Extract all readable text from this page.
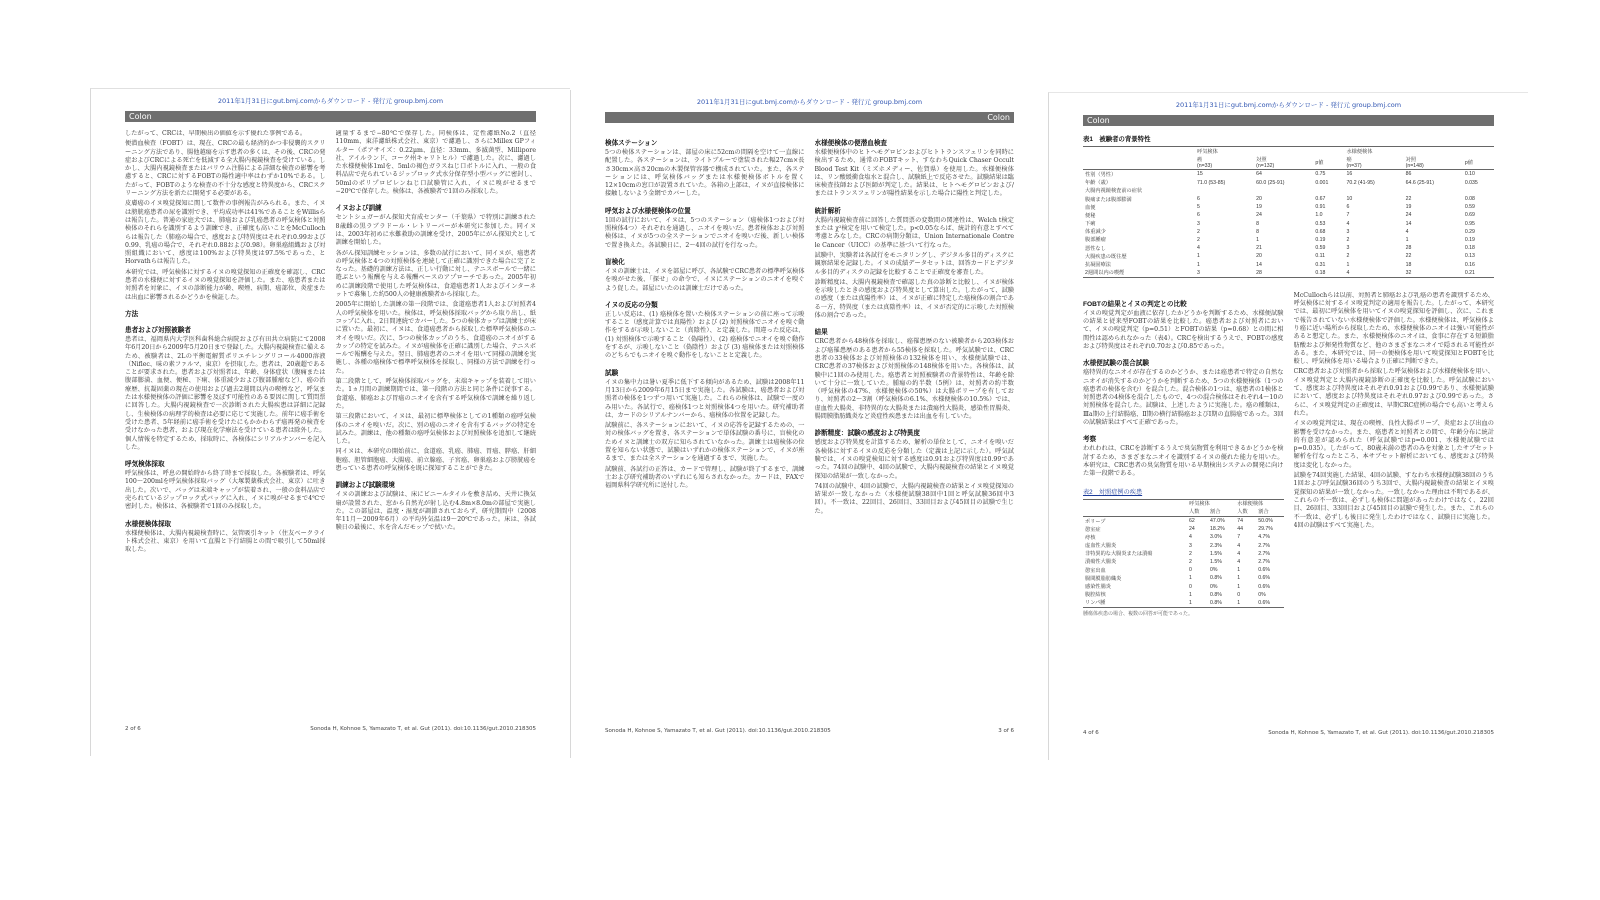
2011年1月31日にgut.bmj.comからダウンロード - 発行元 group.bmj.com
Colon
したがって、CRCは、早期検出の価値を示す優れた事例である。
便潜血検査（FOBT）は、現在、CRCの最も経済的かつ非侵襲的スクリーニング方法であり、腸他越瘍を示す患者の多くは、その後、CRCの発症およびCRCによる死亡を低減する全大腸内視鏡検査を受けている。しかし、大腸内視鏡検査またはバリウム注腸による詳細な検査の影響を考慮すると、CRCに対するFOBTの陽性適中率はわずか10%である。したがって、FOBTのような検査の不十分な感度と特異度から、CRCスクリーニング方法を新たに開発する必要がある。
皮膚癌のイヌ嗅覚探知に関して数件の事例報告がみられる。また、イヌは膀胱癌患者の尿を識別でき、平均成功率は41%であることをWillisらは報告した。普通の家庭犬では、肺癌および乳癌患者の呼気検体と対照検体のそれらを識別するよう訓練でき、正確度も高いことをMcCullochらは報告した（肺癌の場合で、感度および特異度はそれぞれ0.99および0.99、乳癌の場合で、それぞれ0.88および0.98）。卵巣癌組織および対照組織において、感度は100%および特異度は97.5%であった、とHorvathらは報告した。
本研究では、呼気検体に対するイヌの嗅覚探知の正確度を確認し、CRC患者の水様便に対するイヌの嗅覚探知を評価した。また、癌患者または対照者を対象に、イヌの診断能力が齢、喫煙、病期、癌部位、炎症または出血に影響されるかどうかを検証した。
方法
患者および対照被験者
患者は、福岡県内大学医科歯科総合病院および有田共立病院にて2008年6月20日から2009年5月20日まで登録した。大腸内視鏡検査に備えるため、被験者は、2Lの平衡電解質ポリエチレングリコール4000溶液（Niflec、味の素ファルマ、東京）を摂取した。患者は、20歳超であることが要求された。患者および対照者は、年齢、身体症状（腹痛または腹部膨満、血便、便秘、下痢、体重減少および腹部腫瘤など）、癌の治療歴、抗凝固薬の現在の使用および過去2週間以内の喫煙など、呼気または水様便検体の評価に影響を及ぼす可能性のある要因に関して質問票に回答した。大腸内視鏡検査で一次診断された大腸疾患は詳細に記録し、生検検体の病理学的検査は必要に応じて実施した。前年に癌手術を受けた患者、5年経前に癌手術を受けたにもかかわらず癌再発の検査を受けなかった患者、および現在化学療法を受けている患者は除外した。個人情報を特定するため、採取時に、各検体にシリアルナンバーを記入した。
呼気検体採取
呼気検体は、呼息の開始時から終了時まで採取した。各被験者は、呼気100〜200mlを呼気検体採取バッグ（大塚製薬株式会社、東京）に吐き出した。次いで、バッグは末端キャップが装着され、一般の食料品店で売られているジップロック式バッグに入れ、イヌに嗅がせるまで4℃で密封した。検体は、各被験者で1回のみ採取した。
水様便検体採取
水様便検体は、大腸内視鏡検査時に、気管吸引キット（住友ベークライト株式会社、東京）を用いて直腸と下行結腸との間で吸引して50ml採取した。
適量するまで−80℃で保存した。同検体は、定性濾紙No.2（直径110mm、東洋濾紙株式会社、東京）で濾過し、さらにMillex GPフィルター（ポアサイズ：0.22µm、直径：33mm、多滅菌型、Millipore社、アイルランド、コーク州キャリトヒル）で濾過した。次に、濾過した水様便検体1mlを、5mlの褐色ガラスねじ口ボトルに入れ、一般の食料品店で売られているジップロック式水分保存型小型バッグに密封し、50mlのポリプロピレンねじ口試験管に入れ、イヌに嗅がせるまで−20℃で保存した。検体は、各被験者で1回のみ採取した。
イヌおよび訓練
セントシュガーがん探知犬育成センター（千葉県）で特別に訓練された8歳雌の黒ラブラドール・レトリーバーが本研究に参加した。同イヌは、2003年初めに水難救助の訓練を受け、2005年にがん探知犬として訓練を開始した。
各がん探知訓練セッションは、多数の試行において、同イヌが、癌患者の呼気検体と4つの対照検体を連続して正確に識別できた場合に完了となった。基礎的訓練方法は、正しい行動に対し、テニスボールで一緒に遊ぶという報酬を与える報酬ベースのアプローチであった。2005年初めに訓練段階で使用した呼気検体は、食道癌患者1人およびインターネットで募集した約500人の健康被験者から採取した。
2005年に開始した訓練の第一段階では、食道癌患者1人および対照者4人の呼気検体を用いた。検体は、呼気検体採取バッグから取り出し、紙コップに入れ、2日間連続でカバーした。5つの検体カップは訓練士が床に置いた。最初に、イヌは、食道癌患者から採取した標準呼気検体のニオイを嗅いだ。次に、5つの検体カップのうち、食道癌のニオイがするカップの特定を試みた。イヌが癌検体を正確に識別した場合、テニスボールで報酬を与えた。翌日、肺癌患者のニオイを用いて同様の訓練を実施し、各種の癌検体で標準呼気検体を採取し、同様の方法で訓練を行った。
第二段階として、呼気検体採取バッグを、末端キャップを装着して用いた。1ヵ月間の訓練期間では、第一段階の方法と同じ条件に従事する。食道癌、肺癌および胃癌のニオイを含有する呼気検体で訓練を繰り返した。
第三段階において、イヌは、最初に標準検体としての1種類の癌呼気検体のニオイを嗅いだ。次に、別の癌のニオイを含有するバッグの特定を試みた。訓練は、他の種類の癌呼気検体および対照検体を追加して継続した。
同イヌは、本研究の開始前に、食道癌、乳癌、肺癌、胃癌、膵癌、肝細胞癌、胆管細胞癌、大腸癌、前立腺癌、子宮癌、卵巣癌および膀胱癌を患っている患者の呼気検体を既に探知することができた。
訓練および試験環境
イヌの訓練および試験は、床にビニールタイルを敷き詰め、天井に換気扇が設置された、窓から自然光が射し込む4.8m×8.0mの部屋で実施した。この部屋は、温度・湿度が調節されておらず、研究期間中（2008年11月〜2009年6月）の平均外気温は9〜20℃であった。床は、各試験日の最後に、水を含んだモップで拭いた。
2 of 6	Sonoda H, Kohnoe S, Yamazato T, et al. Gut (2011). doi:10.1136/gut.2010.218305
2011年1月31日にgut.bmj.comからダウンロード - 発行元 group.bmj.com
Colon
検体ステーション
5つの検体ステーションは、部屋の床に52cmの間隔を空けて一直線に配置した。各ステーションは、ライトブルーで塗装された幅27cm×長さ30cm×高さ20cmの木製保管容器で構成されていた。また、各ステーションには、呼気検体バッグまたは水様便検体ボトルを置く12×10cmの窓口が設置されていた。各箱の上部は、イヌが直接検体に接触しないよう金網でカバーした。
呼気および水様便検体の位置
1回の試行において、イヌは、5つのステーション（癌検体1つおよび対照検体4つ）それぞれを通過し、ニオイを嗅いだ。患者検体および対照検体は、イヌが5つの全ステーションでニオイを嗅いだ後、新しい検体で置き換えた。各試験日に、2〜4回の試行を行なった。
盲検化
イヌの訓練士は、イヌを部屋に呼び、各試験でCRC患者の標準呼気検体を嗅がせた後、「探せ」の命令で、イヌにステーションのニオイを嗅ぐよう促した。部屋にいたのは訓練士だけであった。
イヌの反応の分類
正しい反応は、(1) 癌検体を置いた検体ステーションの前に座って示唆すること（感度計算では真陽性）および (2) 対照検体でニオイを嗅ぐ動作をするが示唆しないこと（真陰性）、と定義した。間違った反応は、(1) 対照検体で示唆すること（偽陽性）、(2) 癌検体でニオイを嗅ぐ動作をするが、示唆しないこと（偽陰性）および (3) 癌検体または対照検体のどちらでもニオイを嗅ぐ動作をしないことと定義した。
試験
イヌの集中力は暑い夏季に低下する傾向があるため、試験は2008年11月13日から2009年6月15日まで実施した。各試験は、癌患者および対照者の検体を1つずつ用いて実施した。これらの検体は、試験で一度のみ用いた。各試行で、癌検体1つと対照検体4つを用いた。研究補助者は、カードのシリアルナンバーから、癌検体の位置を記録した。
試験前に、各ステーションにおいて、イヌの応答を記録するための、一対の検体バッグを置き、各ステーションで単体試験の番号に、盲検化のためイヌと訓練士の双方に知らされていなかった。訓練士は癌検体の位置を知らない状態で、試験はいずれかの検体ステーションで、イヌが座るまで、または全ステーションを通過するまで、実施した。
試験前、各試行の正答は、カードで管理し、試験が終了するまで、訓練士および研究補助者のいずれにも知らされなかった。カードは、FAXで福岡県科学研究所に送付した。
水様便検体の便潜血検査
水様便検体中のヒトヘモグロビンおよびヒトトランスフェリンを同時に検出するため、通常のFOBTキット、すなわちQuick Chaser Occult Blood Test Kit（ミズホメディー、佐賀県）を使用した。水様便検体は、リン酸緩衝食塩水と混合し、試験紙上で反応させた。試験結果は臨床検査技師および医師が判定した。結果は、ヒトヘモグロビンおよび/またはトランスフェリンが陽性結果を示した場合に陽性と判定した。
統計解析
大腸内視鏡検査前に回答した質問票の変数間の関連性は、Welch t検定または χ²検定を用いて検定した。p<0.05ならば、統計的有意とすべて考慮とみなした。CRCの病期分類は、Union Internationale Contre le Cancer（UICC）の基準に基づいて行なった。
試験中、実験者は各試行をモニタリングし、デジタル多目的ディスクに観察結果を記録した。イヌの成績データセットは、回答カードとデジタル多目的ディスクの記録を比較することで正確度を審査した。
診断精度は、大腸内視鏡検査で確認した真の診断と比較し、イヌが検体を示唆したときの感度および特異度として算出した。したがって、試験の感度（または真陽性率）は、イヌが正確に特定した癌検体の割合である一方、特異度（または真陰性率）は、イヌが否定的に示唆した対照検体の割合であった。
結果
CRC患者から48検体を採取し、癌罹患歴のない被験者から203検体および癌罹患歴のある患者から55検体を採取した。呼気試験では、CRC患者の33検体および対照検体の132検体を用い、水様便試験では、CRC患者の37検体および対照検体の148検体を用いた。各検体は、試験中に1回のみ使用した。癌患者と対照被験者の背景特性は、年齢を除いて十分に一致していた。腫瘍の約半数（5例）は、対照者の約半数（呼気検体の47%、水様便検体の50%）は大腸ポリープを有しており、対照者の2〜3割（呼気検体の6.1%、水様便検体の10.5%）では、虚血性大腸炎、非特異的な大腸炎または潰瘍性大腸炎、感染性胃腸炎、腸間膜脂肪織炎など炎症性疾患または出血を有していた。
診断精度：試験の感度および特異度
感度および特異度を計算するため、解析の単位として、ニオイを嗅いだ各検体に対するイヌの反応を分類した（定義は上記に示した）。呼気試験では、イヌの嗅覚検知に対する感度は0.91および特異度は0.99であった。74回の試験中、4回の試験で、大腸内視鏡検査の結果とイヌ嗅覚探知の結果が一致しなかった。
74回の試験中、4回の試験で、大腸内視鏡検査の結果とイヌ嗅覚探知の結果が一致しなかった（水様便試験38回中1回と呼気試験36回中3回）。不一致は、22回目、26回目、33回目および45回目の試験で生じた。
Sonoda H, Kohnoe S, Yamazato T, et al. Gut (2011). doi:10.1136/gut.2010.218305	3 of 6
2011年1月31日にgut.bmj.comからダウンロード - 発行元 group.bmj.com
Colon
表1　被験者の背景特性
	呼気検体			水様便検体		
	癌
(n=33)	対照
(n=132)	p値	癌
(n=37)	対照
(n=148)	p値
性別（男性）	15	64	0.75	16	86	0.10
年齢（歳）	71.0 (53-85)	60.0 (25-91)	0.001	70.2 (41-95)	64.6 (25-91)	0.035
大腸内視鏡検査前の症状						
腹痛または腹部膨満	6	20	0.67	10	22	0.08
血便	5	19	0.91	6	19	0.59
便秘	6	24	1.0	7	24	0.69
下痢	3	8	0.53	4	14	0.95
体重減少	2	8	0.68	3	4	0.29
腹部腫瘤	2	1	0.19	2	1	0.19
悪性なし	4	21	0.59	3	28	0.18
大腸疾患の既往歴	1	20	0.11	2	22	0.13
抗凝固療法	1	14	0.31	1	18	0.16
2週間以内の喫煙	3	28	0.18	4	32	0.21
FOBTの結果とイヌの判定との比較
イヌの嗅覚判定が血液に依存したかどうかを判断するため、水様便試験の結果と従来型FOBTの結果を比較した。癌患者および対照者において、イヌの嗅覚判定（p=0.51）とFOBTの結果（p=0.68）との間に相関性は認められなかった（表4）。CRCを検出するうえで、FOBTの感度および特異度はそれぞれ0.70および0.85であった。
水様便試験の混合試験
癌特異的なニオイが存在するのかどうか、または癌患者で特定の自然なニオイが消失するのかどうかを判断するため、5つの水様便検体（1つの癌患者の検体を含む）を混合した。混合検体の1つは、癌患者の1検体と対照患者の4検体を混合したもので、4つの混合検体はそれぞれ4〜10の対照検体を混合した。試験は、上述したように実施した。癌の種類は、Ⅲa期の上行結腸癌、Ⅱ期の横行結腸癌およびⅠ期の直腸癌であった。3回の試験結果はすべて正確であった。
考察
われわれは、CRCを診断するうえで臭気物質を利用できるかどうかを検討するため、さまざまなニオイを識別するイヌの優れた能力を用いた。本研究は、CRC患者の臭気物質を用いる早期検出システムの開発に向けた第一段階である。
表2　対照症例の疾患
	呼気検体		水様便検体	
	人数	割合	人数	割合
ポリープ	62	47.0%	74	50.0%
憩室症	24	18.2%	44	29.7%
痔核	4	3.0%	7	4.7%
虚血性大腸炎	3	2.3%	4	2.7%
非特異的な大腸炎または潰瘍	2	1.5%	4	2.7%
潰瘍性大腸炎	2	1.5%	4	2.7%
憩室出血	0	0%	1	0.6%
腸間膜脂肪織炎	1	0.8%	1	0.6%
感染性腸炎	0	0%	1	0.6%
腹腔結核	1	0.8%	0	0%
リンパ腫	1	0.8%	1	0.6%
腫瘍体疾患の場合、複数の回答が可能であった。
McCullochらは以前、対照者と肺癌および乳癌の患者を識別するため、呼気検体に対するイヌ嗅覚判定の適用を報告した。したがって、本研究では、最初に呼気検体を用いてイヌの嗅覚探知を評価し、次に、これまで報告されていない水様便検体で評価した。水様便検体は、呼気検体より癌に近い場所から採取したため、水様便検体のニオイは強い可能性があると想定した。また、水様便検体のニオイは、食事に存在する短鎖脂肪酸および揮発性物質など、他のさまざまなニオイで隠される可能性がある。また、本研究では、同一の便検体を用いて嗅覚探知とFOBTを比較し、呼気検体を用いる場合より正確に判断できた。
CRC患者および対照者から採取した呼気検体および水様便検体を用い、イヌ嗅覚判定と大腸内視鏡診断の正確度を比較した。呼気試験において、感度および特異度はそれぞれ0.91および0.99であり、水様便試験において、感度および特異度はそれぞれ0.97および0.99であった。さらに、イヌ嗅覚判定の正確度は、早期CRC症例の場合でも高いと考えられた。
イヌの嗅覚判定は、現在の喫煙、良性大腸ポリープ、炎症および出血の影響を受けなかった。また、癌患者と対照者との間で、年齢分布に統計的有意差が認められた（呼気試験ではp=0.001、水様便試験ではp=0.035）。したがって、80歳未満の患者のみを対象としたサブセット解析を行なったところ、本サブセット解析においても、感度および特異度は変化しなかった。
試験を74回実施した結果、4回の試験、すなわち水様便試験38回のうち1回および呼気試験36回のうち3回で、大腸内視鏡検査の結果とイヌ嗅覚探知の結果が一致しなかった。一致しなかった理由は不明であるが、これらの不一致は、必ずしも検体に問題があったわけではなく、22回目、26回目、33回目および45回目の試験で発生した。また、これらの不一致は、必ずしも後日に発生したわけではなく、試験日に実施した。4回の試験はすべて実施した。
4 of 6	Sonoda H, Kohnoe S, Yamazato T, et al. Gut (2011). doi:10.1136/gut.2010.218305
